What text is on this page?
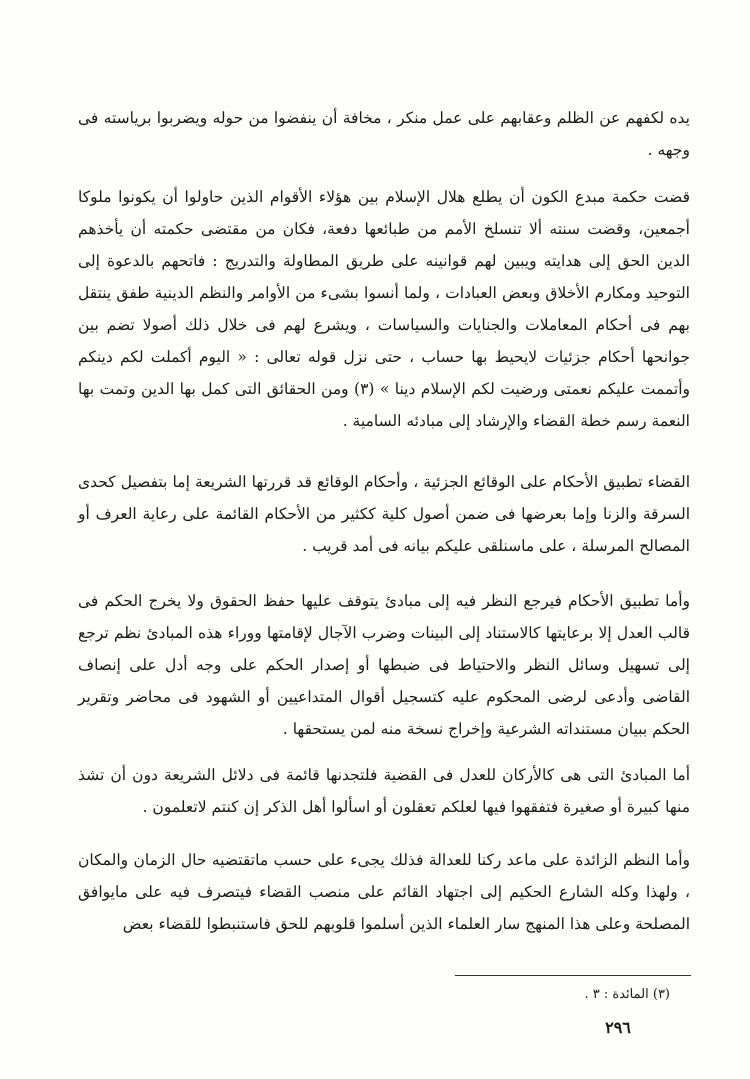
يده لكفهم عن الظلم وعقابهم على عمل منكر ، مخافة أن ينفضوا من حوله ويضربوا برياسته فى وجهه .

قضت حكمة مبدع الكون أن يطلع هلال الإسلام بين هؤلاء الأقوام الذين حاولوا أن يكونوا ملوكا أجمعين، وقضت سنته ألا تنسلخ الأمم من طبائعها دفعة، فكان من مقتضى حكمته أن يأخذهم الدين الحق إلى هدايته ويبين لهم قوانينه على طريق المطاولة والتدريج : فاتحهم بالدعوة إلى التوحيد ومكارم الأخلاق وبعض العبادات ، ولما أنسوا بشىء من الأوامر والنظم الدينية طفق ينتقل بهم فى أحكام المعاملات والجنايات والسياسات ، ويشرع لهم فى خلال ذلك أصولا تضم بين جوانحها أحكام جزئيات لايحيط بها حساب ، حتى نزل قوله تعالى : « اليوم أكملت لكم دينكم وأتممت عليكم نعمتى ورضيت لكم الإسلام دينا » (٣) ومن الحقائق التى كمل بها الدين وتمت بها النعمة رسم خطة القضاء والإرشاد إلى مبادئه السامية .

القضاء تطبيق الأحكام على الوقائع الجزئية ، وأحكام الوقائع قد قررتها الشريعة إما بتفصيل كحدى السرقة والزنا وإما بعرضها فى ضمن أصول كلية ككثير من الأحكام القائمة على رعاية العرف أو المصالح المرسلة ، على ماسنلقى عليكم بيانه فى أمد قريب .

وأما تطبيق الأحكام فيرجع النظر فيه إلى مبادئ يتوقف عليها حفظ الحقوق ولا يخرج الحكم فى قالب العدل إلا برعايتها كالاستناد إلى البينات وضرب الآجال لإقامتها ووراء هذه المبادئ نظم ترجع إلى تسهيل وسائل النظر والاحتياط فى ضبطها أو إصدار الحكم على وجه أدل على إنصاف القاضى وأدعى لرضى المحكوم عليه كتسجيل أقوال المتداعيين أو الشهود فى محاضر وتقرير الحكم ببيان مستنداته الشرعية وإخراج نسخة منه لمن يستحقها .

أما المبادئ التى هى كالأركان للعدل فى القضية فلتجدنها قائمة فى دلائل الشريعة دون أن تشذ منها كبيرة أو صغيرة فتفقهوا فيها لعلكم تعقلون أو اسألوا أهل الذكر إن كنتم لاتعلمون .

وأما النظم الزائدة على ماعد ركنا للعدالة فذلك يجىء على حسب ماتقتضيه حال الزمان والمكان ، ولهذا وكله الشارع الحكيم إلى اجتهاد القائم على منصب القضاء فيتصرف فيه على مايوافق المصلحة وعلى هذا المنهج سار العلماء الذين أسلموا قلوبهم للحق فاستنبطوا للقضاء بعض

(٣) المائدة : ٣ .
٢٩٦
